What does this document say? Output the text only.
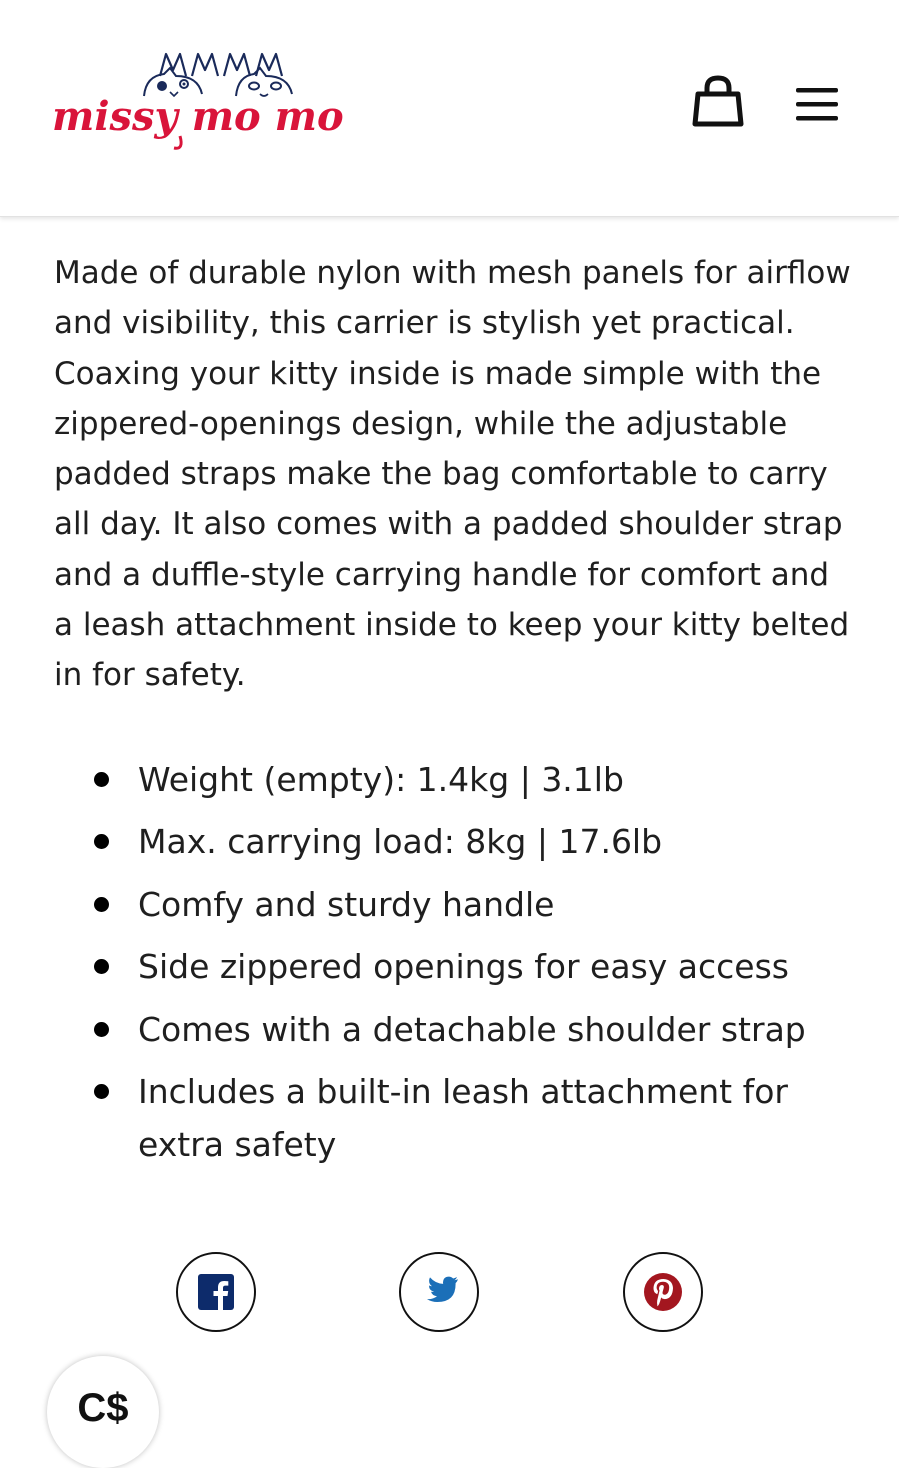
missy mo mo

Made of durable nylon with mesh panels for airflow and visibility, this carrier is stylish yet practical. Coaxing your kitty inside is made simple with the zippered-openings design, while the adjustable padded straps make the bag comfortable to carry all day. It also comes with a padded shoulder strap and a duffle-style carrying handle for comfort and a leash attachment inside to keep your kitty belted in for safety.

Weight (empty): 1.4kg | 3.1lb
Max. carrying load: 8kg | 17.6lb
Comfy and sturdy handle
Side zippered openings for easy access
Comes with a detachable shoulder strap
Includes a built-in leash attachment for extra safety
C$
